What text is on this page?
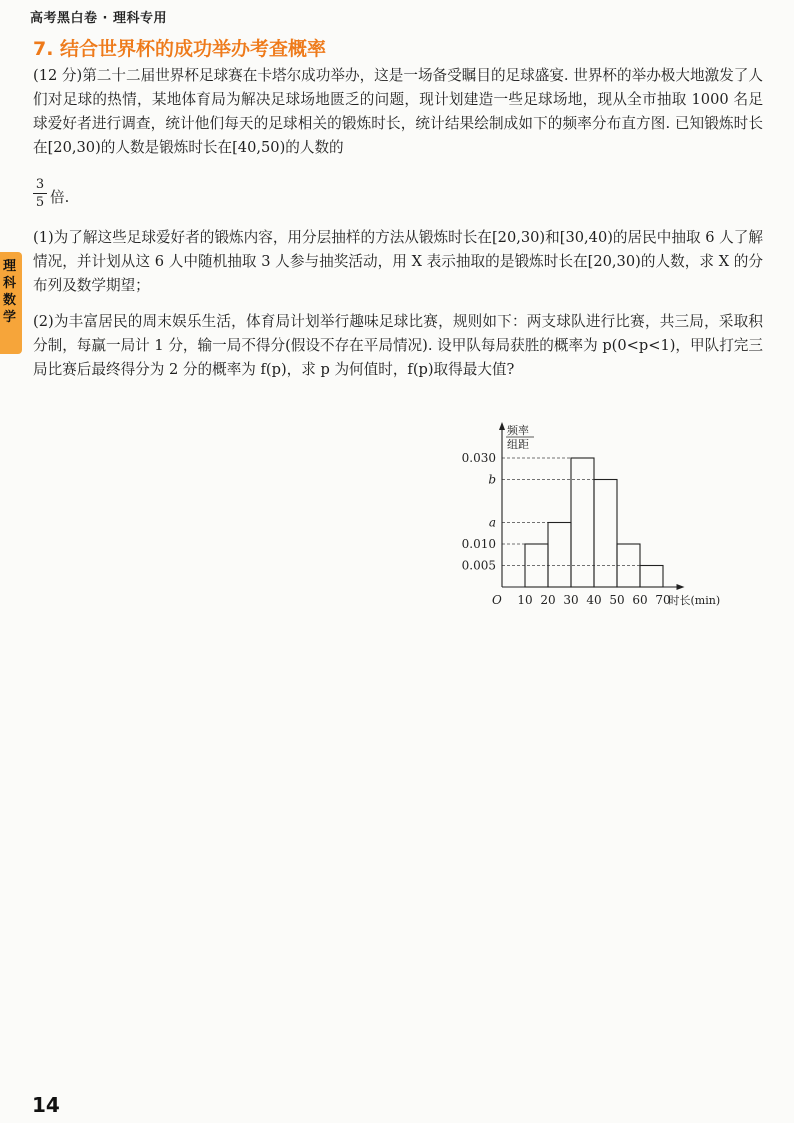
高考黑白卷 · 理科专用
理科数学
7. 结合世界杯的成功举办考查概率
(12 分)第二十二届世界杯足球赛在卡塔尔成功举办，这是一场备受瞩目的足球盛宴. 世界杯的举办极大地激发了人们对足球的热情，某地体育局为解决足球场地匮乏的问题，现计划建造一些足球场地，现从全市抽取 1000 名足球爱好者进行调查，统计他们每天的足球相关的锻炼时长，统计结果绘制成如下的频率分布直方图. 已知锻炼时长在[20,30)的人数是锻炼时长在[40,50)的人数的
3
5 倍.
(1)为了解这些足球爱好者的锻炼内容，用分层抽样的方法从锻炼时长在[20,30)和[30,40)的居民中抽取 6 人了解情况，并计划从这 6 人中随机抽取 3 人参与抽奖活动，用 X 表示抽取的是锻炼时长在[20,30)的人数，求 X 的分布列及数学期望；
(2)为丰富居民的周末娱乐生活，体育局计划举行趣味足球比赛，规则如下：两支球队进行比赛，共三局，采取积分制，每赢一局计 1 分，输一局不得分(假设不存在平局情况). 设甲队每局获胜的概率为 p(0<p<1)，甲队打完三局比赛后最终得分为 2 分的概率为 f(p)，求 p 为何值时，f(p)取得最大值?
0.030
b
a
0.010
0.005
频率
组距
10 20 30 40 50 60 70
O	时长(min)
14
